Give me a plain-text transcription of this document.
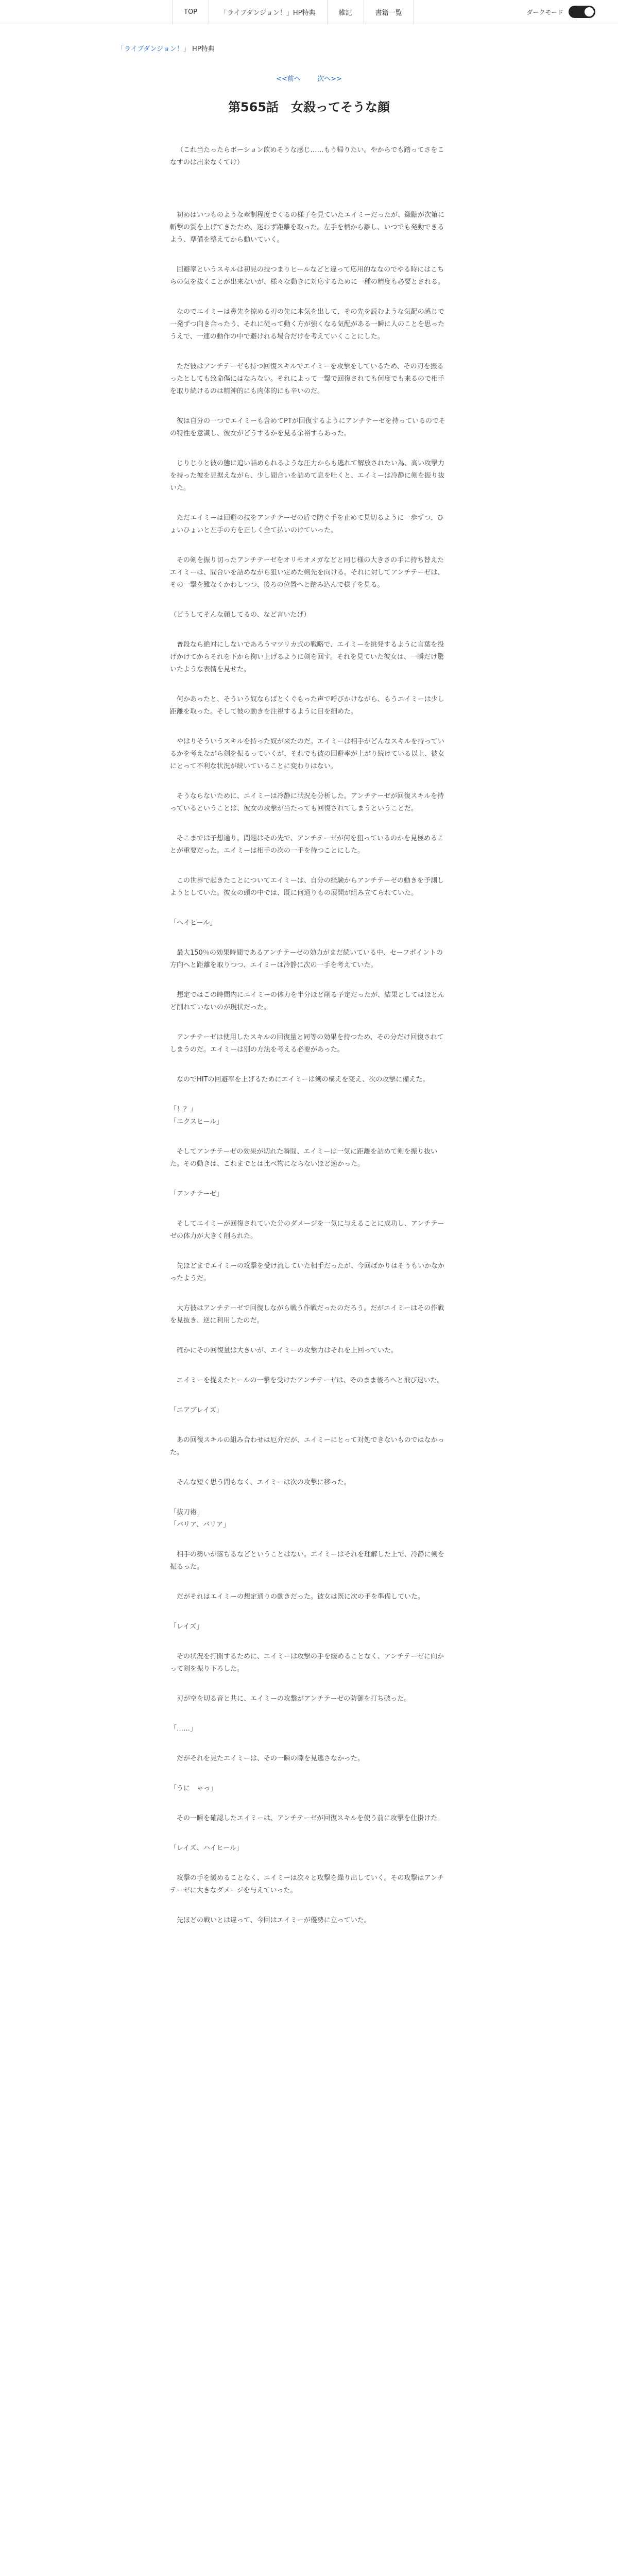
TOP	「ライブダンジョン！」HP特典	雑記	書籍一覧	ダークモード
「ライブダンジョン！」 HP特典
<<前へ 次へ>>
第565話　女殺ってそうな顔

（これ当たったらボーション飲めそうな感じ……もう帰りたい。やからでも踏ってさをこなすのは出来なくてけ）

初めはいつものような牽制程度でくるの様子を見ていたエイミーだったが、鎌鼬が次第に斬撃の質を上げてきたため、迷わず距離を取った。左手を柄から離し、いつでも発動できるよう、準備を整えてから動いていく。

回避率というスキルは初見の技つまりヒールなどと違って応用的ななのでやる時にはこちらの気を抜くことが出来ないが、様々な動きに対応するために一種の精度も必要とされる。

なのでエイミーは鼻先を掠める刃の先に本気を出して、その先を読むような気配の感じで一発ずつ向き合ったう、それに従って動く方が強くなる気配がある一瞬に人のことを思ったうえで、一連の動作の中で避けれる場合だけを考えていくことにした。

ただ彼はアンチテーゼも持つ回復スキルでエイミーを攻撃をしているため、その刃を振るったとしても致命傷にはならない。それによって一撃で回復されても何度でも来るので相手を取り続けるのは精神的にも肉体的にも辛いのだ。

彼は自分の一つでエイミーも含めてPTが回復するようにアンチテーゼを持っているのでその特性を意識し、彼女がどうするかを見る余裕すらあった。

じりじりと彼の態に追い詰められるような圧力からも逃れて解放されたい為、高い攻撃力を持った彼を見据えながら、少し間合いを詰めて息を吐くと、エイミーは冷静に剣を振り抜いた。

ただエイミーは回避の技をアンチテーゼの盾で防ぐ手を止めて見切るように一歩ずつ、ひょいひょいと左手の方を正しく全て払いのけていった。

その剣を振り切ったアンチテーゼをオリモオメガなどと同じ様の大きさの手に持ち替えたエイミーは、間合いを詰めながら狙い定めた剣先を向ける。それに対してアンチテーゼは、その一撃を難なくかわしつつ、後ろの位置へと踏み込んで様子を見る。

（どうしてそんな顔してるの、など言いたげ）

普段なら絶対にしないであろうマツリカ式の戦略で、エイミーを挑発するように言葉を投げかけてからそれを下から掬い上げるように剣を回す。それを見ていた彼女は、一瞬だけ驚いたような表情を見せた。

何かあったと、そういう奴ならばとくぐもった声で呼びかけながら、もうエイミーは少し距離を取った。そして彼の動きを注視するように目を細めた。

やはりそういうスキルを持った奴が来たのだ。エイミーは相手がどんなスキルを持っているかを考えながら剣を振るっていくが、それでも彼の回避率が上がり続けている以上、彼女にとって不利な状況が続いていることに変わりはない。

そうならないために、エイミーは冷静に状況を分析した。アンチテーゼが回復スキルを持っているということは、彼女の攻撃が当たっても回復されてしまうということだ。

そこまでは予想通り。問題はその先で、アンチテーゼが何を狙っているのかを見極めることが重要だった。エイミーは相手の次の一手を待つことにした。

この世界で起きたことについてエイミーは、自分の経験からアンチテーゼの動きを予測しようとしていた。彼女の頭の中では、既に何通りもの展開が組み立てられていた。

「ヘイヒール」

最大150％の効果時間であるアンチテーゼの効力がまだ続いている中、セーフポイントの方向へと距離を取りつつ、エイミーは冷静に次の一手を考えていた。

想定ではこの時間内にエイミーの体力を半分ほど削る予定だったが、結果としてはほとんど削れていないのが現状だった。

アンチテーゼは使用したスキルの回復量と同等の効果を持つため、その分だけ回復されてしまうのだ。エイミーは別の方法を考える必要があった。

なのでHITの回避率を上げるためにエイミーは剣の構えを変え、次の攻撃に備えた。

「！？」
「エクスヒール」

そしてアンチテーゼの効果が切れた瞬間、エイミーは一気に距離を詰めて剣を振り抜いた。その動きは、これまでとは比べ物にならないほど速かった。

「アンチテーゼ」

そしてエイミーが回復されていた分のダメージを一気に与えることに成功し、アンチテーゼの体力が大きく削られた。

先ほどまでエイミーの攻撃を受け流していた相手だったが、今回ばかりはそうもいかなかったようだ。

大方彼はアンチテーゼで回復しながら戦う作戦だったのだろう。だがエイミーはその作戦を見抜き、逆に利用したのだ。

確かにその回復量は大きいが、エイミーの攻撃力はそれを上回っていた。

エイミーを捉えたヒールの一撃を受けたアンチテーゼは、そのまま後ろへと飛び退いた。

「エアブレイズ」

あの回復スキルの組み合わせは厄介だが、エイミーにとって対処できないものではなかった。

そんな短く思う間もなく、エイミーは次の攻撃に移った。

「抜刀術」
「バリア、バリア」

相手の勢いが落ちるなどということはない。エイミーはそれを理解した上で、冷静に剣を振るった。

だがそれはエイミーの想定通りの動きだった。彼女は既に次の手を準備していた。

「レイズ」

その状況を打開するために、エイミーは攻撃の手を緩めることなく、アンチテーゼに向かって剣を振り下ろした。

刃が空を切る音と共に、エイミーの攻撃がアンチテーゼの防御を打ち破った。

「……」

だがそれを見たエイミーは、その一瞬の隙を見逃さなかった。

「うに　ゃっ」

その一瞬を確認したエイミーは、アンチテーゼが回復スキルを使う前に攻撃を仕掛けた。

「レイズ、ハイヒール」

攻撃の手を緩めることなく、エイミーは次々と攻撃を繰り出していく。その攻撃はアンチテーゼに大きなダメージを与えていった。

先ほどの戦いとは違って、今回はエイミーが優勢に立っていた。
